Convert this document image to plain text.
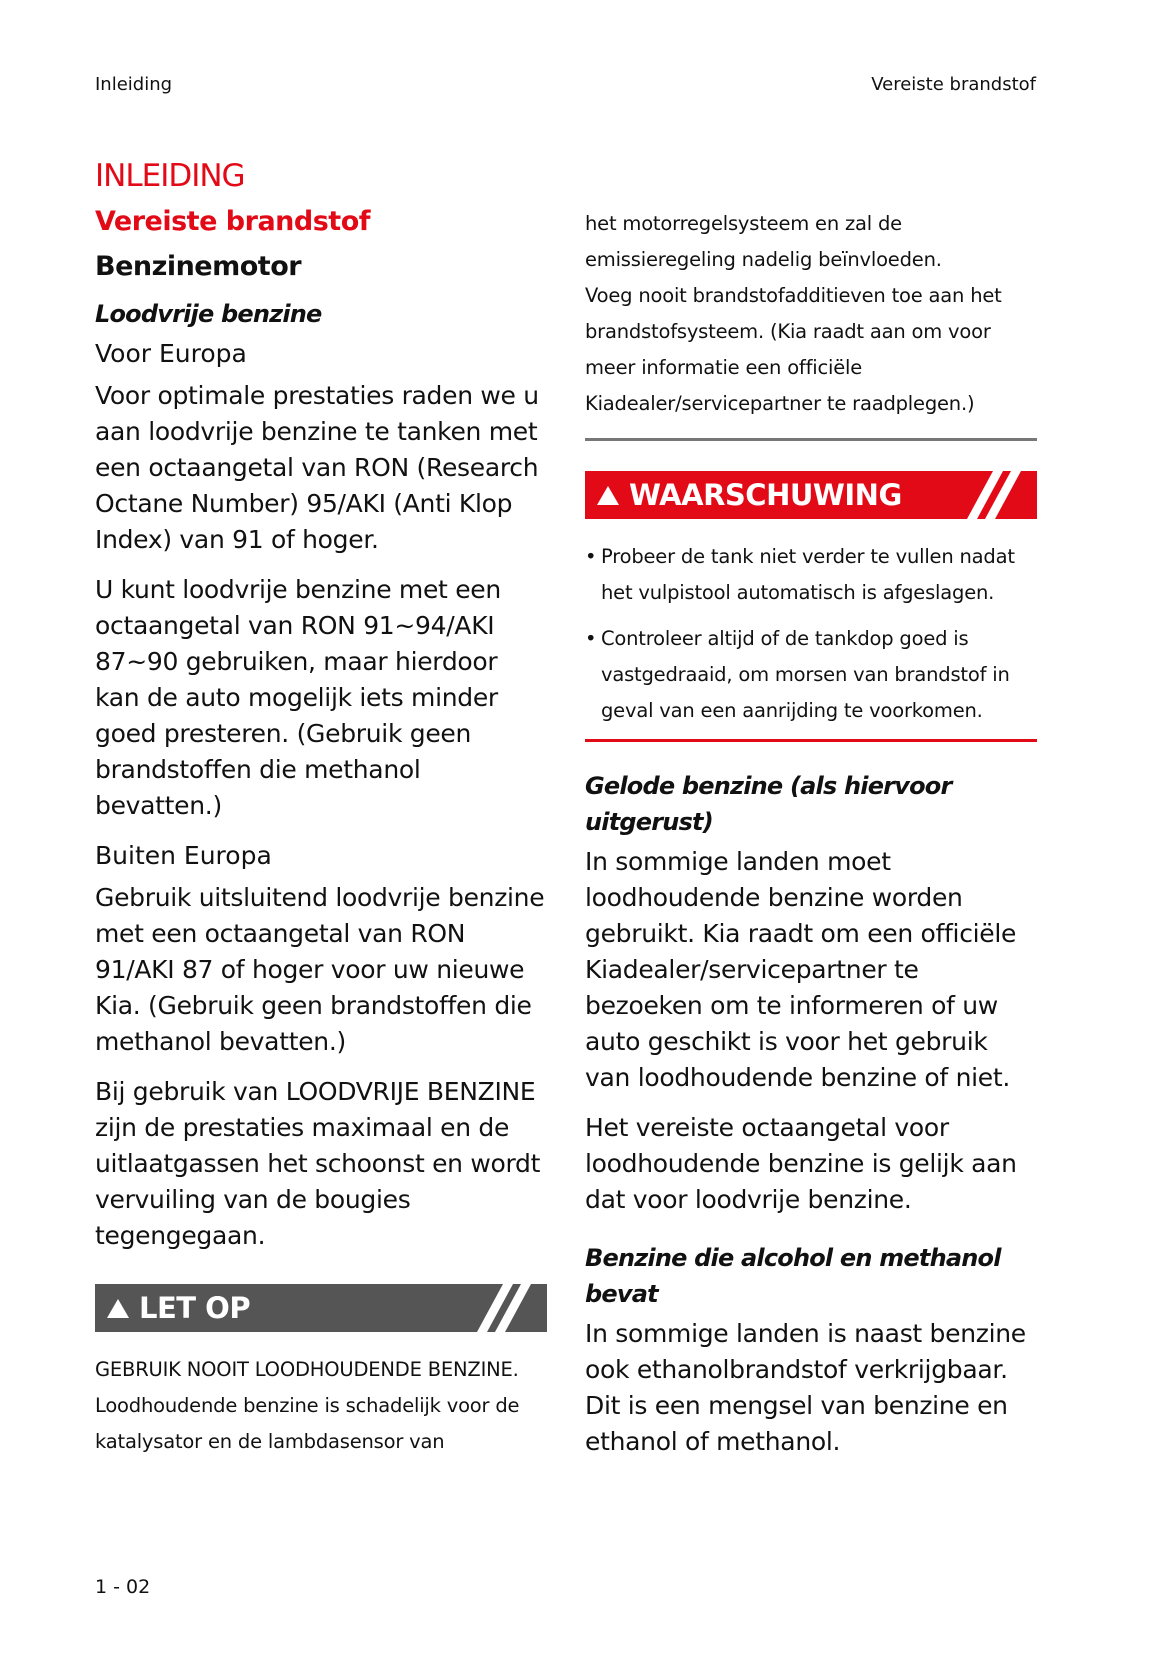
Inleiding	Vereiste brandstof
INLEIDING
Vereiste brandstof
Benzinemotor
Loodvrije benzine

Voor Europa

Voor optimale prestaties raden we u aan loodvrije benzine te tanken met een octaangetal van RON (Research Octane Number) 95/AKI (Anti Klop Index) van 91 of hoger.

U kunt loodvrije benzine met een octaangetal van RON 91~94/AKI 87~90 gebruiken, maar hierdoor kan de auto mogelijk iets minder goed presteren. (Gebruik geen brandstoffen die methanol bevatten.)

Buiten Europa

Gebruik uitsluitend loodvrije benzine met een octaangetal van RON 91/AKI 87 of hoger voor uw nieuwe Kia. (Gebruik geen brandstoffen die methanol bevatten.)

Bij gebruik van LOODVRIJE BENZINE zijn de prestaties maximaal en de uitlaatgassen het schoonst en wordt vervuiling van de bougies tegengegaan.

LET OP

GEBRUIK NOOIT LOODHOUDENDE BENZINE.

Loodhoudende benzine is schadelijk voor de katalysator en de lambdasensor van

het motorregelsysteem en zal de emissieregeling nadelig beïnvloeden.

Voeg nooit brandstofadditieven toe aan het brandstofsysteem. (Kia raadt aan om voor meer informatie een officiële Kiadealer/servicepartner te raadplegen.)

WAARSCHUWING
• Probeer de tank niet verder te vullen nadat het vulpistool automatisch is afgeslagen.
• Controleer altijd of de tankdop goed is vastgedraaid, om morsen van brandstof in geval van een aanrijding te voorkomen.
Gelode benzine (als hiervoor uitgerust)

In sommige landen moet loodhoudende benzine worden gebruikt. Kia raadt om een officiële Kiadealer/servicepartner te bezoeken om te informeren of uw auto geschikt is voor het gebruik van loodhoudende benzine of niet.

Het vereiste octaangetal voor loodhoudende benzine is gelijk aan dat voor loodvrije benzine.

Benzine die alcohol en methanol bevat

In sommige landen is naast benzine ook ethanolbrandstof verkrijgbaar. Dit is een mengsel van benzine en ethanol of methanol.

1 - 02
